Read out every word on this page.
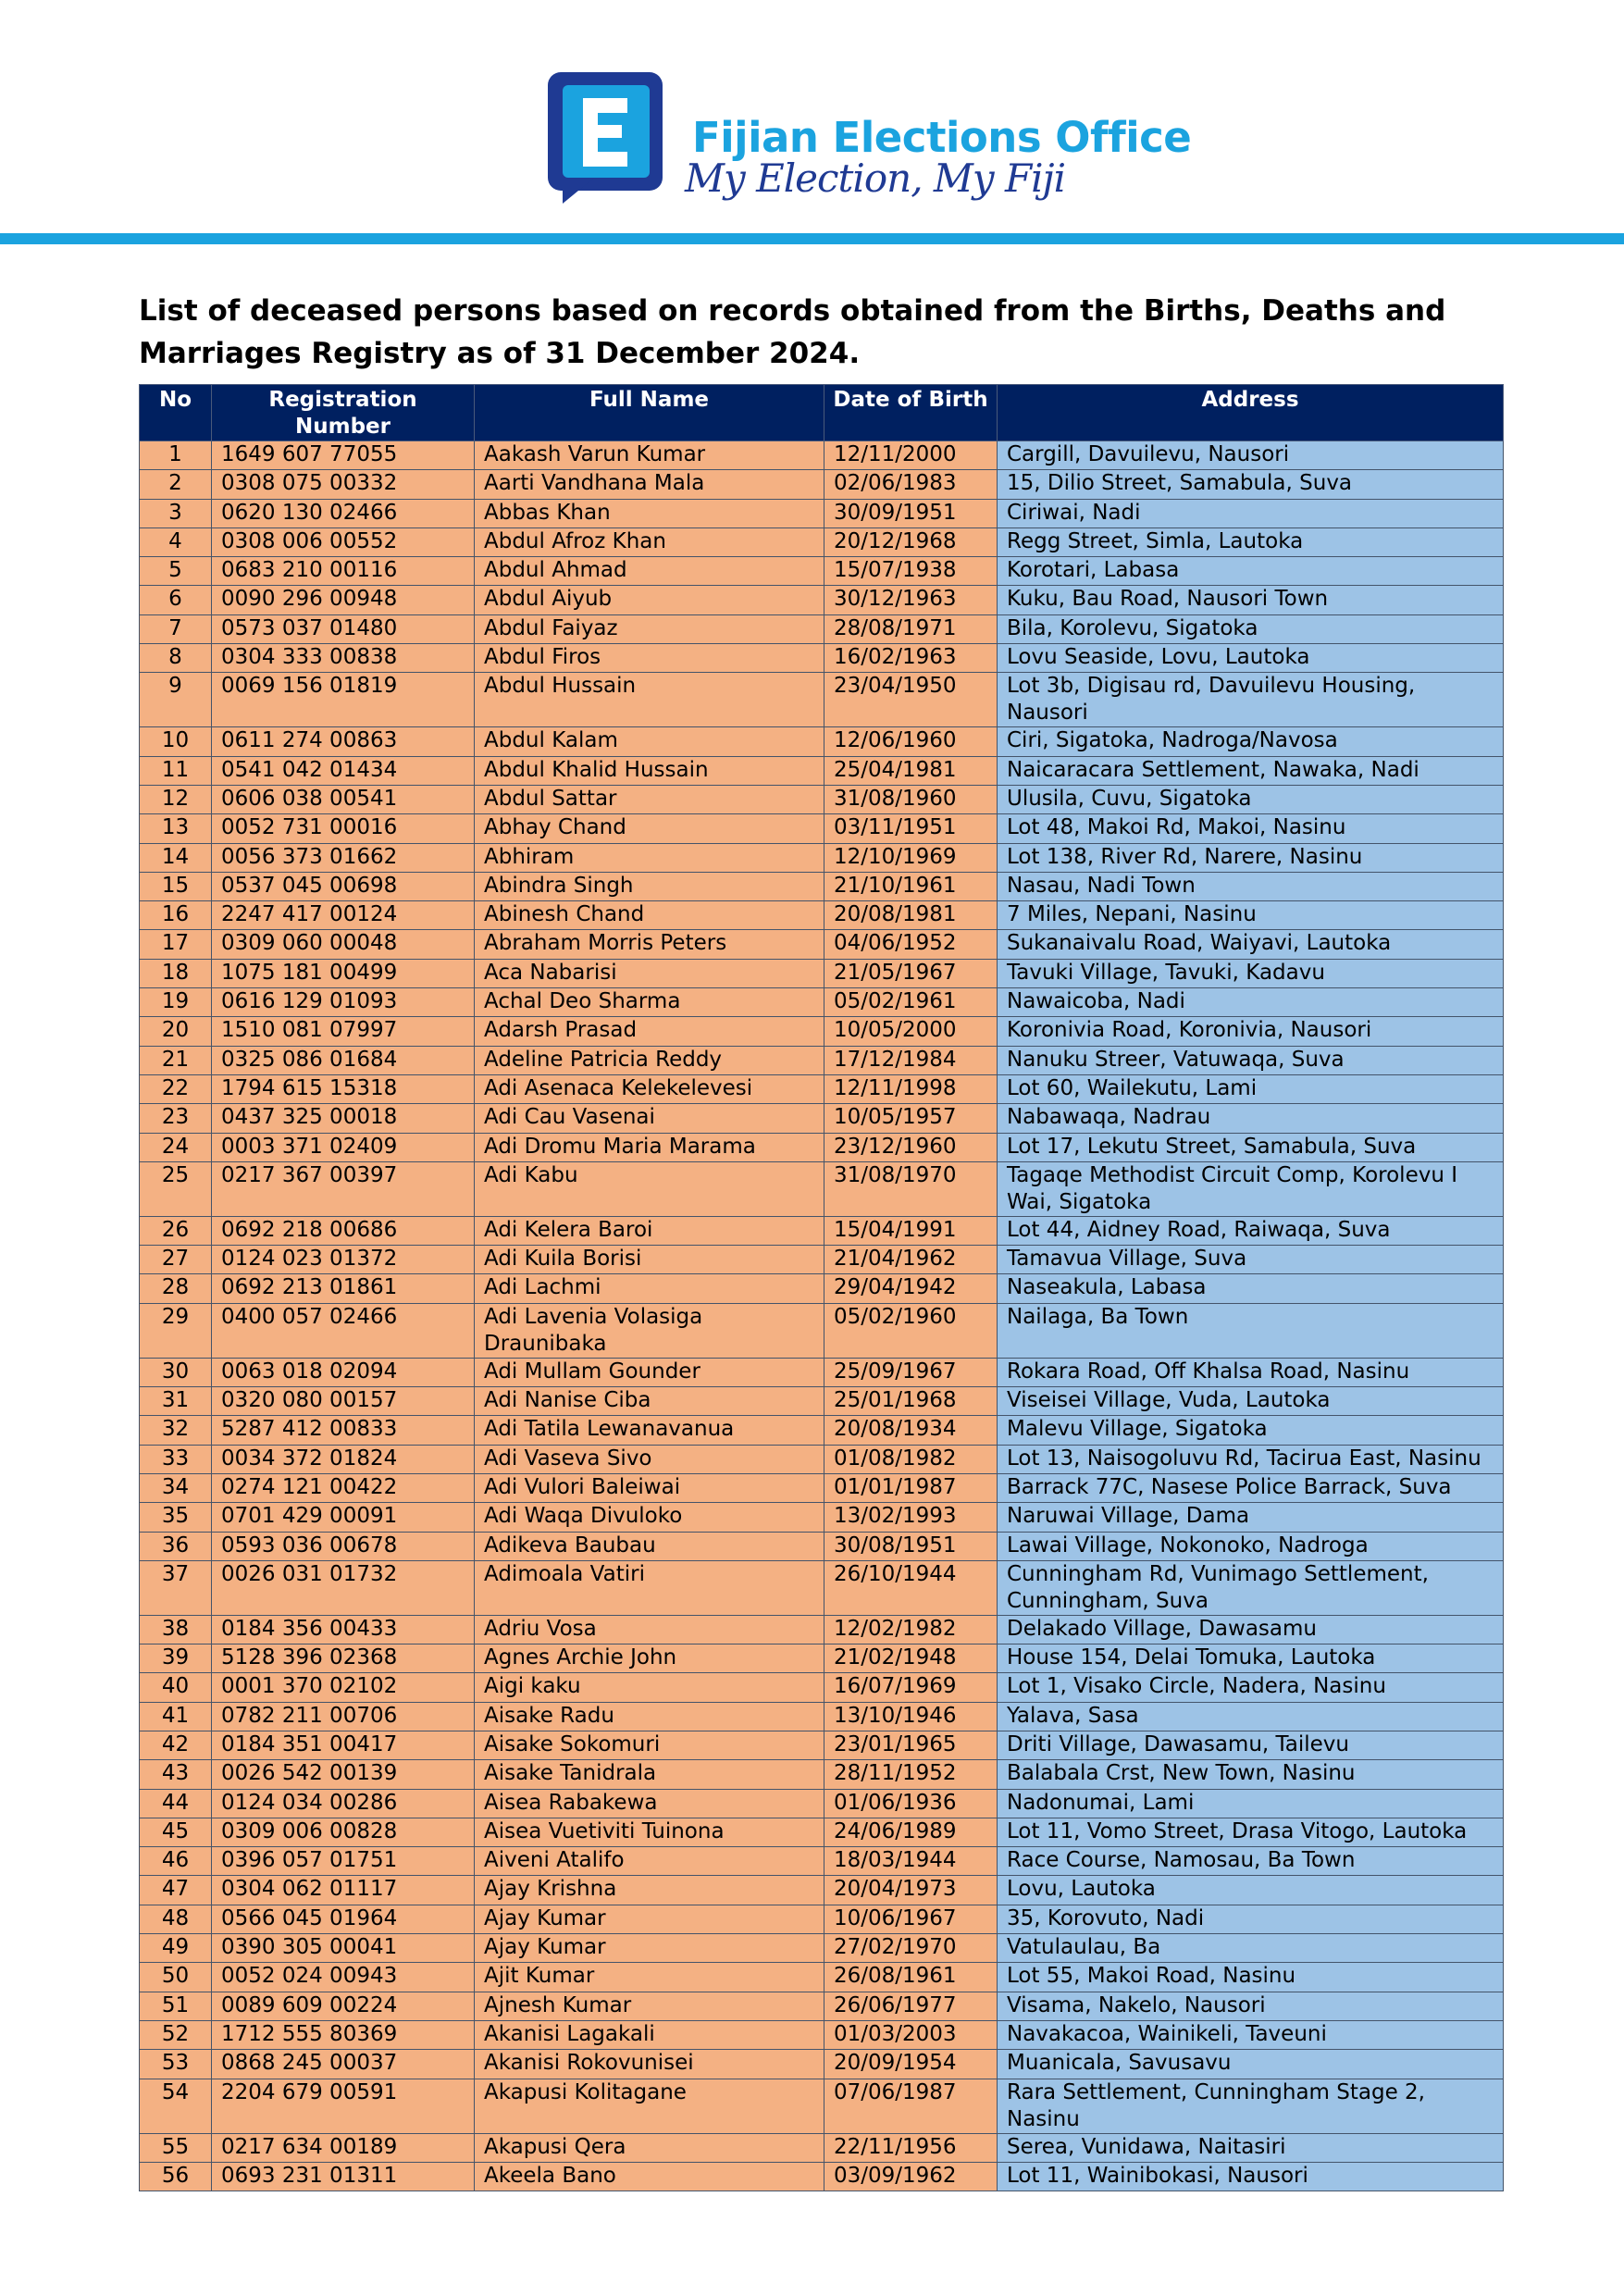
Fijian Elections Office
My Election, My Fiji
List of deceased persons based on records obtained from the Births, Deaths and Marriages Registry as of 31 December 2024.
No	Registration Number	Full Name	Date of Birth	Address
1	1649 607 77055	Aakash Varun Kumar	12/11/2000	Cargill, Davuilevu, Nausori
2	0308 075 00332	Aarti Vandhana Mala	02/06/1983	15, Dilio Street, Samabula, Suva
3	0620 130 02466	Abbas Khan	30/09/1951	Ciriwai, Nadi
4	0308 006 00552	Abdul Afroz Khan	20/12/1968	Regg Street, Simla, Lautoka
5	0683 210 00116	Abdul Ahmad	15/07/1938	Korotari, Labasa
6	0090 296 00948	Abdul Aiyub	30/12/1963	Kuku, Bau Road, Nausori Town
7	0573 037 01480	Abdul Faiyaz	28/08/1971	Bila, Korolevu, Sigatoka
8	0304 333 00838	Abdul Firos	16/02/1963	Lovu Seaside, Lovu, Lautoka
9	0069 156 01819	Abdul Hussain	23/04/1950	Lot 3b, Digisau rd, Davuilevu Housing, Nausori
10	0611 274 00863	Abdul Kalam	12/06/1960	Ciri, Sigatoka, Nadroga/Navosa
11	0541 042 01434	Abdul Khalid Hussain	25/04/1981	Naicaracara Settlement, Nawaka, Nadi
12	0606 038 00541	Abdul Sattar	31/08/1960	Ulusila, Cuvu, Sigatoka
13	0052 731 00016	Abhay Chand	03/11/1951	Lot 48, Makoi Rd, Makoi, Nasinu
14	0056 373 01662	Abhiram	12/10/1969	Lot 138, River Rd, Narere, Nasinu
15	0537 045 00698	Abindra Singh	21/10/1961	Nasau, Nadi Town
16	2247 417 00124	Abinesh Chand	20/08/1981	7 Miles, Nepani, Nasinu
17	0309 060 00048	Abraham Morris Peters	04/06/1952	Sukanaivalu Road, Waiyavi, Lautoka
18	1075 181 00499	Aca Nabarisi	21/05/1967	Tavuki Village, Tavuki, Kadavu
19	0616 129 01093	Achal Deo Sharma	05/02/1961	Nawaicoba, Nadi
20	1510 081 07997	Adarsh Prasad	10/05/2000	Koronivia Road, Koronivia, Nausori
21	0325 086 01684	Adeline Patricia Reddy	17/12/1984	Nanuku Streer, Vatuwaqa, Suva
22	1794 615 15318	Adi Asenaca Kelekelevesi	12/11/1998	Lot 60, Wailekutu, Lami
23	0437 325 00018	Adi Cau Vasenai	10/05/1957	Nabawaqa, Nadrau
24	0003 371 02409	Adi Dromu Maria Marama	23/12/1960	Lot 17, Lekutu Street, Samabula, Suva
25	0217 367 00397	Adi Kabu	31/08/1970	Tagaqe Methodist Circuit Comp, Korolevu I Wai, Sigatoka
26	0692 218 00686	Adi Kelera Baroi	15/04/1991	Lot 44, Aidney Road, Raiwaqa, Suva
27	0124 023 01372	Adi Kuila Borisi	21/04/1962	Tamavua Village, Suva
28	0692 213 01861	Adi Lachmi	29/04/1942	Naseakula, Labasa
29	0400 057 02466	Adi Lavenia Volasiga Draunibaka	05/02/1960	Nailaga, Ba Town
30	0063 018 02094	Adi Mullam Gounder	25/09/1967	Rokara Road, Off Khalsa Road, Nasinu
31	0320 080 00157	Adi Nanise Ciba	25/01/1968	Viseisei Village, Vuda, Lautoka
32	5287 412 00833	Adi Tatila Lewanavanua	20/08/1934	Malevu Village, Sigatoka
33	0034 372 01824	Adi Vaseva Sivo	01/08/1982	Lot 13, Naisogoluvu Rd, Tacirua East, Nasinu
34	0274 121 00422	Adi Vulori Baleiwai	01/01/1987	Barrack 77C, Nasese Police Barrack, Suva
35	0701 429 00091	Adi Waqa Divuloko	13/02/1993	Naruwai Village, Dama
36	0593 036 00678	Adikeva Baubau	30/08/1951	Lawai Village, Nokonoko, Nadroga
37	0026 031 01732	Adimoala Vatiri	26/10/1944	Cunningham Rd, Vunimago Settlement, Cunningham, Suva
38	0184 356 00433	Adriu Vosa	12/02/1982	Delakado Village, Dawasamu
39	5128 396 02368	Agnes Archie John	21/02/1948	House 154, Delai Tomuka, Lautoka
40	0001 370 02102	Aigi kaku	16/07/1969	Lot 1, Visako Circle, Nadera, Nasinu
41	0782 211 00706	Aisake Radu	13/10/1946	Yalava, Sasa
42	0184 351 00417	Aisake Sokomuri	23/01/1965	Driti Village, Dawasamu, Tailevu
43	0026 542 00139	Aisake Tanidrala	28/11/1952	Balabala Crst, New Town, Nasinu
44	0124 034 00286	Aisea Rabakewa	01/06/1936	Nadonumai, Lami
45	0309 006 00828	Aisea Vuetiviti Tuinona	24/06/1989	Lot 11, Vomo Street, Drasa Vitogo, Lautoka
46	0396 057 01751	Aiveni Atalifo	18/03/1944	Race Course, Namosau, Ba Town
47	0304 062 01117	Ajay Krishna	20/04/1973	Lovu, Lautoka
48	0566 045 01964	Ajay Kumar	10/06/1967	35, Korovuto, Nadi
49	0390 305 00041	Ajay Kumar	27/02/1970	Vatulaulau, Ba
50	0052 024 00943	Ajit Kumar	26/08/1961	Lot 55, Makoi Road, Nasinu
51	0089 609 00224	Ajnesh Kumar	26/06/1977	Visama, Nakelo, Nausori
52	1712 555 80369	Akanisi Lagakali	01/03/2003	Navakacoa, Wainikeli, Taveuni
53	0868 245 00037	Akanisi Rokovunisei	20/09/1954	Muanicala, Savusavu
54	2204 679 00591	Akapusi Kolitagane	07/06/1987	Rara Settlement, Cunningham Stage 2, Nasinu
55	0217 634 00189	Akapusi Qera	22/11/1956	Serea, Vunidawa, Naitasiri
56	0693 231 01311	Akeela Bano	03/09/1962	Lot 11, Wainibokasi, Nausori
